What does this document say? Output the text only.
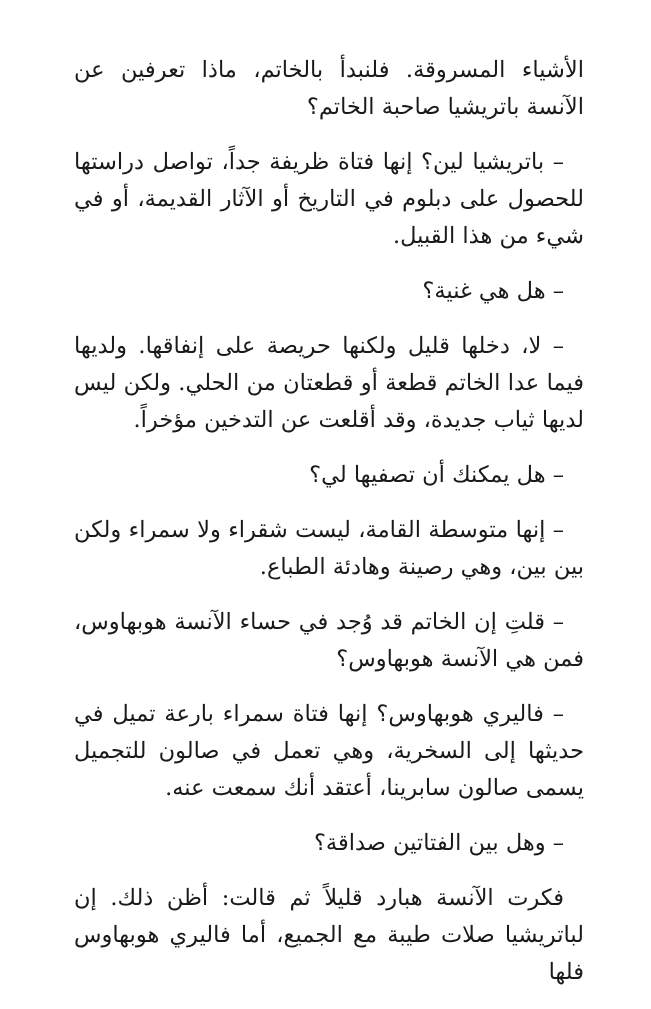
الأشياء المسروقة. فلنبدأ بالخاتم، ماذا تعرفين عن الآنسة باتريشيا صاحبة الخاتم؟

– باتريشيا لين؟ إنها فتاة ظريفة جداً، تواصل دراستها للحصول على دبلوم في التاريخ أو الآثار القديمة، أو في شيء من هذا القبيل.

– هل هي غنية؟

– لا، دخلها قليل ولكنها حريصة على إنفاقها. ولديها فيما عدا الخاتم قطعة أو قطعتان من الحلي. ولكن ليس لديها ثياب جديدة، وقد أقلعت عن التدخين مؤخراً.

– هل يمكنك أن تصفيها لي؟

– إنها متوسطة القامة، ليست شقراء ولا سمراء ولكن بين بين، وهي رصينة وهادئة الطباع.

– قلتِ إن الخاتم قد وُجد في حساء الآنسة هوبهاوس، فمن هي الآنسة هوبهاوس؟

– فاليري هوبهاوس؟ إنها فتاة سمراء بارعة تميل في حديثها إلى السخرية، وهي تعمل في صالون للتجميل يسمى صالون سابرينا، أعتقد أنك سمعت عنه.

– وهل بين الفتاتين صداقة؟

فكرت الآنسة هبارد قليلاً ثم قالت: أظن ذلك. إن لباتريشيا صلات طيبة مع الجميع، أما فاليري هوبهاوس فلها
